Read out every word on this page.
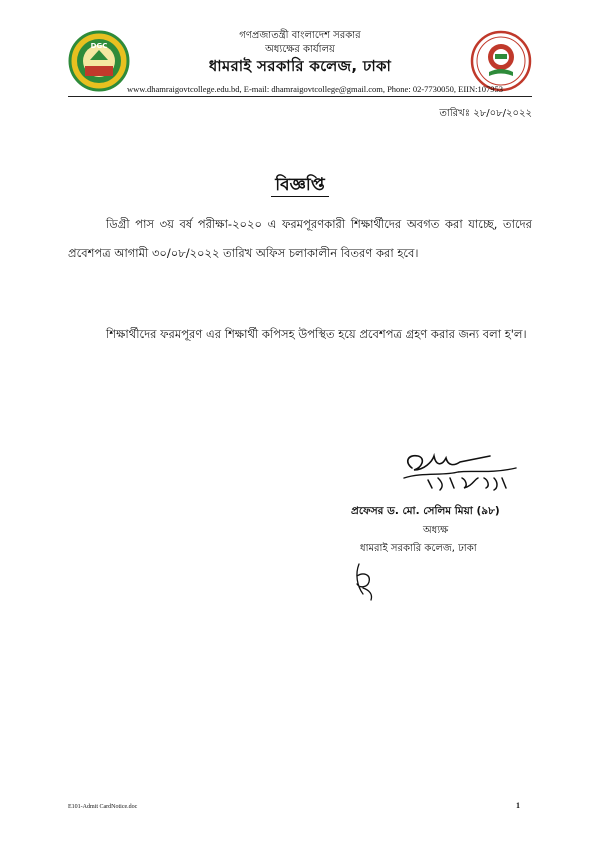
DGC
গণপ্রজাতন্ত্রী বাংলাদেশ সরকার
অধ্যক্ষের কার্যালয়
ধামরাই সরকারি কলেজ, ঢাকা
www.dhamraigovtcollege.edu.bd, E-mail: dhamraigovtcollege@gmail.com, Phone: 02-7730050, EIIN:107953
তারিখঃ ২৮/০৮/২০২২
বিজ্ঞপ্তি
ডিগ্রী পাস ৩য় বর্ষ পরীক্ষা-২০২০ এ ফরমপূরণকারী শিক্ষার্থীদের অবগত করা যাচ্ছে, তাদের প্রবেশপত্র আগামী ৩০/০৮/২০২২ তারিখ অফিস চলাকালীন বিতরণ করা হবে।
শিক্ষার্থীদের ফরমপূরণ এর শিক্ষার্থী কপিসহ উপস্থিত হয়ে প্রবেশপত্র গ্রহণ করার জন্য বলা হ'ল।
প্রফেসর ড. মো. সেলিম মিয়া (৯৮)
অধ্যক্ষ
ধামরাই সরকারি কলেজ, ঢাকা
E101-Admit CardNotice.doc	1
